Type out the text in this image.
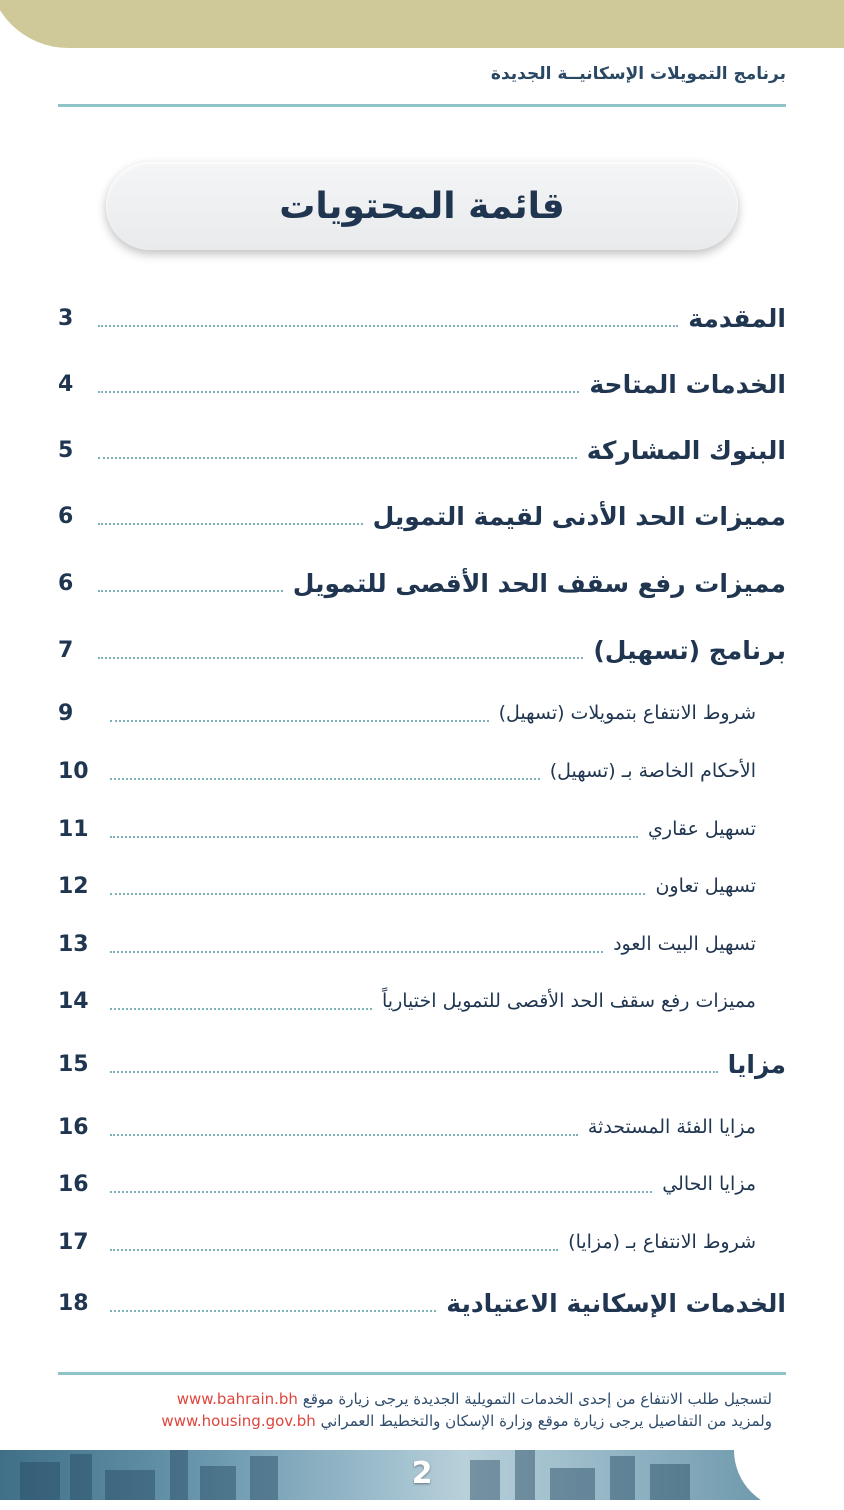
برنامج التمويلات الإسكانيــة الجديدة
قائمة المحتويات
المقدمة
3
الخدمات المتاحة
4
البنوك المشاركة
5
مميزات الحد الأدنى لقيمة التمويل
6
مميزات رفع سقف الحد الأقصى للتمويل
6
برنامج (تسهيل)
7
شروط الانتفاع بتمويلات (تسهيل)
9
الأحكام الخاصة بـ (تسهيل)
10
تسهيل عقاري
11
تسهيل تعاون
12
تسهيل البيت العود
13
مميزات رفع سقف الحد الأقصى للتمويل اختيارياً
14
مزايا
15
مزايا الفئة المستحدثة
16
مزايا الحالي
16
شروط الانتفاع بـ (مزايا)
17
الخدمات الإسكانية الاعتيادية
18
لتسجيل طلب الانتفاع من إحدى الخدمات التمويلية الجديدة يرجى زيارة موقع www.bahrain.bh
ولمزيد من التفاصيل يرجى زيارة موقع وزارة الإسكان والتخطيط العمراني www.housing.gov.bh
2
